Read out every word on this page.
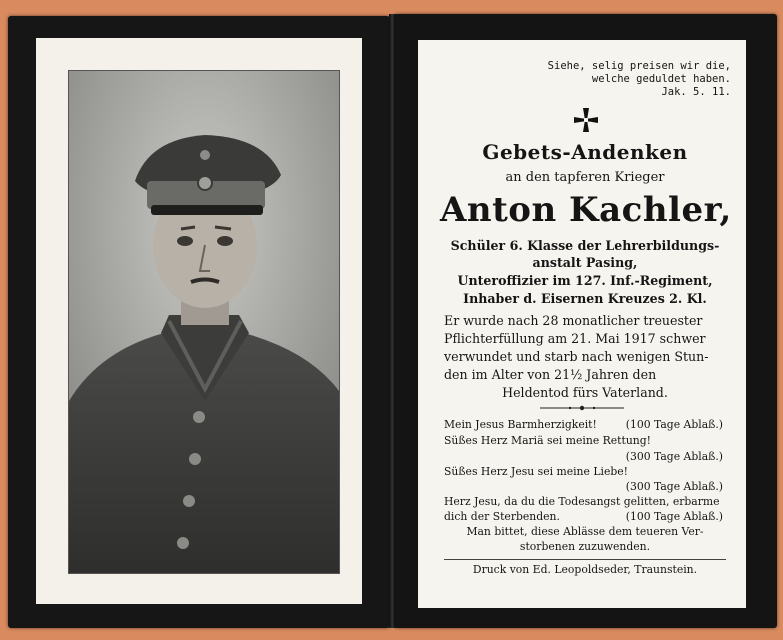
Siehe, selig preisen wir die,
welche geduldet haben.
Jak. 5. 11.
Gebets-Andenken
an den tapferen Krieger
Anton Kachler,
Schüler 6. Klasse der Lehrerbildungs-
anstalt Pasing,
Unteroffizier im 127. Inf.-Regiment,
Inhaber d. Eisernen Kreuzes 2. Kl.
Er wurde nach 28 monatlicher treuester
Pflichterfüllung am 21. Mai 1917 schwer
verwundet und starb nach wenigen Stun-
den im Alter von 21½ Jahren den
Heldentod fürs Vaterland.
Mein Jesus Barmherzigkeit!	(100 Tage Ablaß.)
Süßes Herz Mariä sei meine Rettung!
(300 Tage Ablaß.)
Süßes Herz Jesu sei meine Liebe!
(300 Tage Ablaß.)
Herz Jesu, da du die Todesangst gelitten, erbarme
dich der Sterbenden.	(100 Tage Ablaß.)
Man bittet, diese Ablässe dem teueren Ver-
storbenen zuzuwenden.
Druck von Ed. Leopoldseder, Traunstein.
